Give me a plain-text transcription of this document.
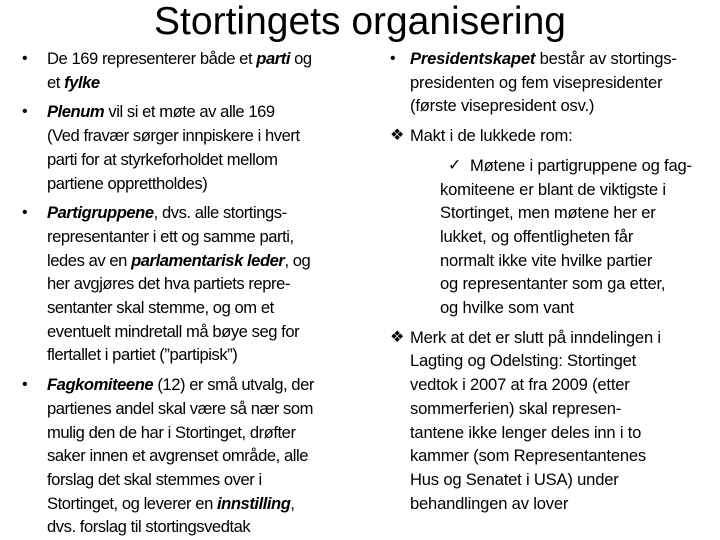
Stortingets organisering
• De 169 representerer både et parti og
et fylke
• Plenum vil si et møte av alle 169
(Ved fravær sørger innpiskere i hvert
parti for at styrkeforholdet mellom
partiene opprettholdes)
• Partigruppene, dvs. alle stortings-
representanter i ett og samme parti,
ledes av en parlamentarisk leder, og
her avgjøres det hva partiets repre-
sentanter skal stemme, og om et
eventuelt mindretall må bøye seg for
flertallet i partiet (”partipisk”)
• Fagkomiteene (12) er små utvalg, der
partienes andel skal være så nær som
mulig den de har i Stortinget, drøfter
saker innen et avgrenset område, alle
forslag det skal stemmes over i
Stortinget, og leverer en innstilling,
dvs. forslag til stortingsvedtak
• Presidentskapet består av stortings-
presidenten og fem visepresidenter
(første visepresident osv.)
❖ Makt i de lukkede rom:
✓ Møtene i partigruppene og fag-
komiteene er blant de viktigste i
Stortinget, men møtene her er
lukket, og offentligheten får
normalt ikke vite hvilke partier
og representanter som ga etter,
og hvilke som vant
❖ Merk at det er slutt på inndelingen i
Lagting og Odelsting: Stortinget
vedtok i 2007 at fra 2009 (etter
sommerferien) skal represen-
tantene ikke lenger deles inn i to
kammer (som Representantenes
Hus og Senatet i USA) under
behandlingen av lover
